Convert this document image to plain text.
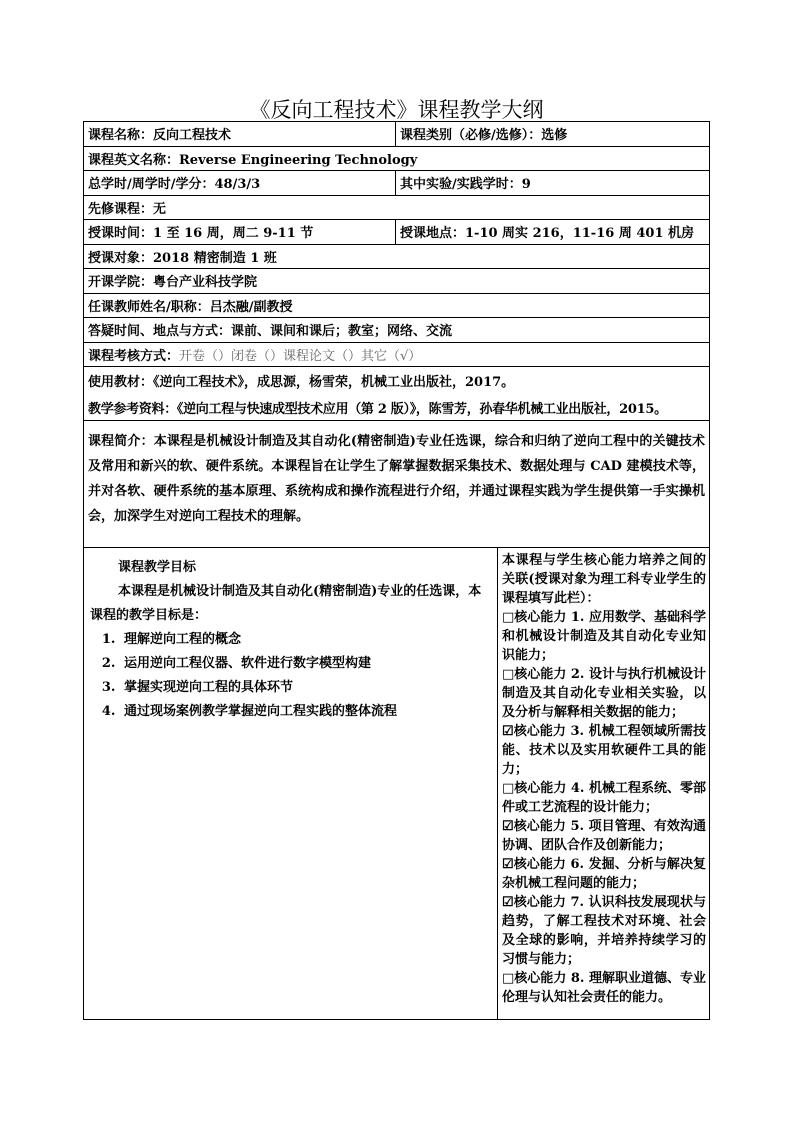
《反向工程技术》课程教学大纲
课程名称：反向工程技术	课程类别（必修/选修）：选修
课程英文名称：Reverse Engineering Technology
总学时/周学时/学分：48/3/3	其中实验/实践学时：9
先修课程：无
授课时间：1 至 16 周，周二 9-11 节	授课地点：1-10 周实 216，11-16 周 401 机房
授课对象：2018 精密制造 1 班
开课学院：粤台产业科技学院
任课教师姓名/职称：吕杰融/副教授
答疑时间、地点与方式：课前、课间和课后；教室；网络、交流
课程考核方式： 开卷（）闭卷（）课程论文（）其它（√）
使用教材：《逆向工程技术》，成思源，杨雪荣，机械工业出版社，2017。
教学参考资料：《逆向工程与快速成型技术应用（第 2 版）》，陈雪芳，孙春华机械工业出版社，2015。
课程简介：本课程是机械设计制造及其自动化(精密制造)专业任选课，综合和归纳了逆向工程中的关键技术及常用和新兴的软、硬件系统。本课程旨在让学生了解掌握数据采集技术、数据处理与 CAD 建模技术等，并对各软、硬件系统的基本原理、系统构成和操作流程进行介绍，并通过课程实践为学生提供第一手实操机会，加深学生对逆向工程技术的理解。
课程教学目标
本课程是机械设计制造及其自动化(精密制造)专业的任选课，本课程的教学目标是：
1. 理解逆向工程的概念
2. 运用逆向工程仪器、软件进行数字模型构建
3. 掌握实现逆向工程的具体环节
4. 通过现场案例教学掌握逆向工程实践的整体流程

本课程与学生核心能力培养之间的关联(授课对象为理工科专业学生的课程填写此栏）：

□核心能力 1. 应用数学、基础科学和机械设计制造及其自动化专业知识能力；

□核心能力 2. 设计与执行机械设计制造及其自动化专业相关实验，以及分析与解释相关数据的能力；

☑核心能力 3. 机械工程领域所需技能、技术以及实用软硬件工具的能力；

□核心能力 4. 机械工程系统、零部件或工艺流程的设计能力；

☑核心能力 5. 项目管理、有效沟通协调、团队合作及创新能力；

☑核心能力 6. 发掘、分析与解决复杂机械工程问题的能力；

☑核心能力 7. 认识科技发展现状与趋势，了解工程技术对环境、社会及全球的影响，并培养持续学习的习惯与能力；

□核心能力 8. 理解职业道德、专业伦理与认知社会责任的能力。
